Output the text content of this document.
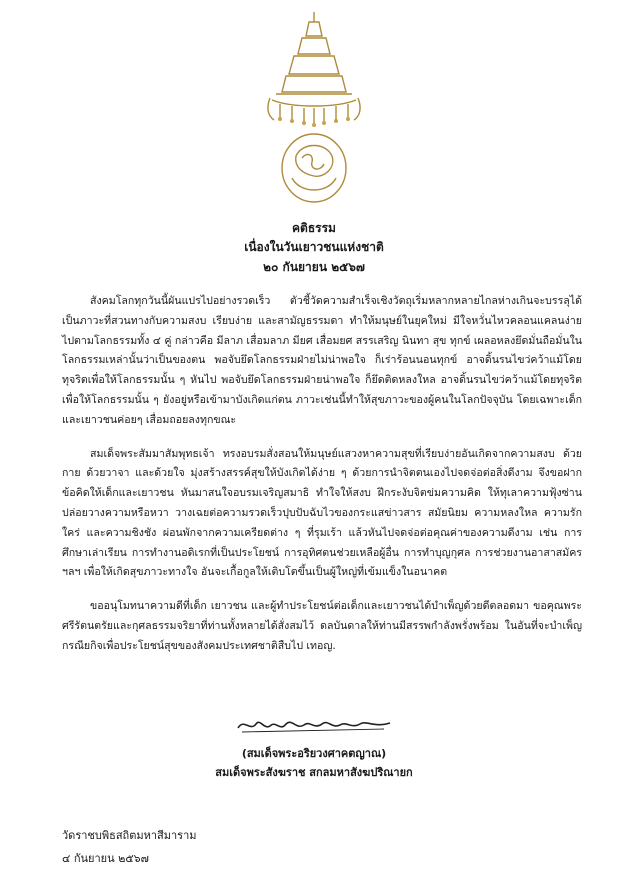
คติธรรม
เนื่องในวันเยาวชนแห่งชาติ
๒๐ กันยายน ๒๕๖๗

สังคมโลกทุกวันนี้ผันแปรไปอย่างรวดเร็ว ตัวชี้วัดความสำเร็จเชิงวัตถุเริ่มหลากหลายไกลห่างเกินจะบรรลุได้ เป็นภาวะที่สวนทางกับความสงบ เรียบง่าย และสามัญธรรมดา ทำให้มนุษย์ในยุคใหม่ มีใจหวั่นไหวคลอนแคลนง่ายไปตามโลกธรรมทั้ง ๔ คู่ กล่าวคือ มีลาภ เสื่อมลาภ มียศ เสื่อมยศ สรรเสริญ นินทา สุข ทุกข์ เผลอหลงยึดมั่นถือมั่นในโลกธรรมเหล่านั้นว่าเป็นของตน พอจับยึดโลกธรรมฝ่ายไม่น่าพอใจ ก็เร่าร้อนนอนทุกข์ อาจดิ้นรนไขว่คว้าแม้โดยทุจริตเพื่อให้โลกธรรมนั้น ๆ หันไป พอจับยึดโลกธรรมฝ่ายน่าพอใจ ก็ยึดติดหลงใหล อาจดิ้นรนไขว่คว้าแม้โดยทุจริตเพื่อให้โลกธรรมนั้น ๆ ยังอยู่หรือเข้ามาบังเกิดแก่ตน ภาวะเช่นนี้ทำให้สุขภาวะของผู้คนในโลกปัจจุบัน โดยเฉพาะเด็กและเยาวชนค่อยๆ เสื่อมถอยลงทุกขณะ

สมเด็จพระสัมมาสัมพุทธเจ้า ทรงอบรมสั่งสอนให้มนุษย์แสวงหาความสุขที่เรียบง่ายอันเกิดจากความสงบ ด้วยกาย ด้วยวาจา และด้วยใจ มุ่งสร้างสรรค์สุขให้บังเกิดได้ง่าย ๆ ด้วยการนำจิตตนเองไปจดจ่อต่อสิ่งดีงาม จึงขอฝากข้อคิดให้เด็กและเยาวชน หันมาสนใจอบรมเจริญสมาธิ ทำใจให้สงบ ฝึกระงับจิตข่มความคิด ให้ทุเลาความฟุ้งซ่าน ปล่อยวางความหรือหวา วางเฉยต่อความรวดเร็วปุบปับฉับไวของกระแสข่าวสาร สมัยนิยม ความหลงใหล ความรักใคร่ และความชิงชัง ผ่อนพักจากความเครียดต่าง ๆ ที่รุมเร้า แล้วหันไปจดจ่อต่อคุณค่าของความดีงาม เช่น การศึกษาเล่าเรียน การทำงานอดิเรกที่เป็นประโยชน์ การอุทิศตนช่วยเหลือผู้อื่น การทำบุญกุศล การช่วยงานอาสาสมัคร ฯลฯ เพื่อให้เกิดสุขภาวะทางใจ อันจะเกื้อกูลให้เติบโตขึ้นเป็นผู้ใหญ่ที่เข้มแข็งในอนาคต

ขออนุโมทนาความดีที่เด็ก เยาวชน และผู้ทำประโยชน์ต่อเด็กและเยาวชนได้บำเพ็ญด้วยดีตลอดมา ขอคุณพระศรีรัตนตรัยและกุศลธรรมจริยาที่ท่านทั้งหลายได้สั่งสมไว้ ดลบันดาลให้ท่านมีสรรพกำลังพรั่งพร้อม ในอันที่จะบำเพ็ญกรณียกิจเพื่อประโยชน์สุขของสังคมประเทศชาติสืบไป เทอญ.

(สมเด็จพระอริยวงศาคตญาณ)
สมเด็จพระสังฆราช สกลมหาสังฆปริณายก
วัดราชบพิธสถิตมหาสีมาราม
๔ กันยายน ๒๕๖๗
